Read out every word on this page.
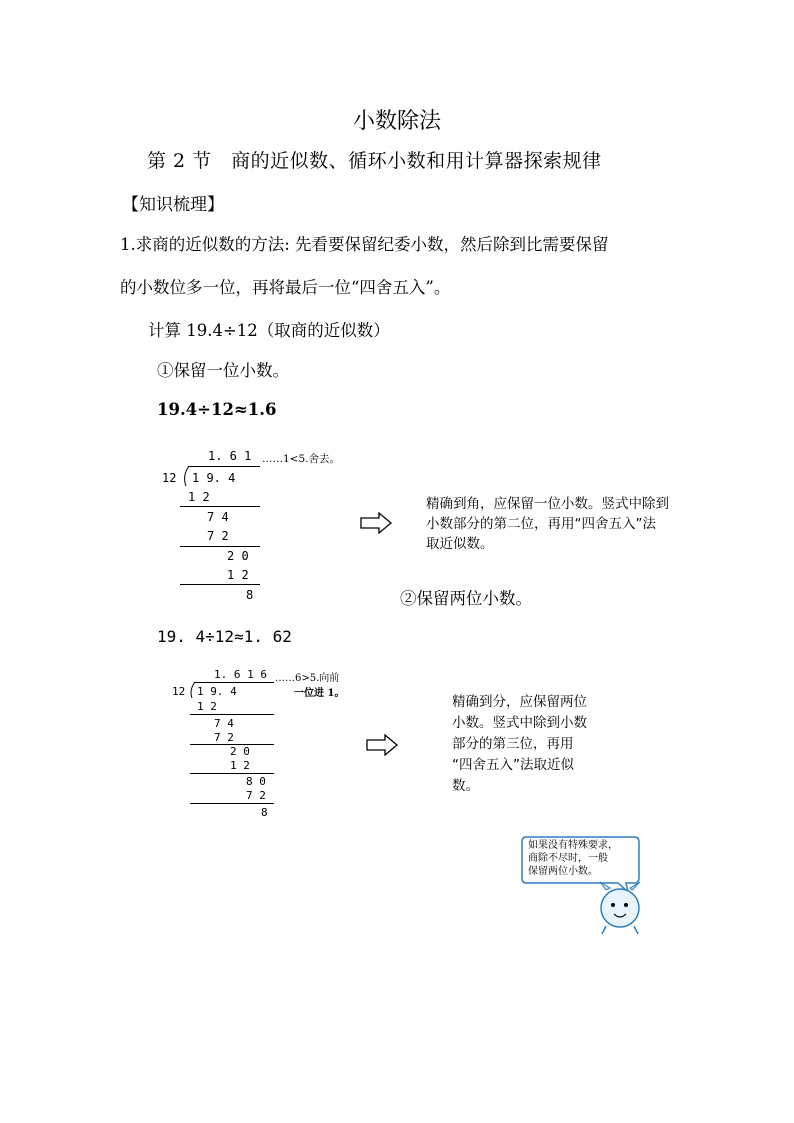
小数除法
第 2 节　商的近似数、循环小数和用计算器探索规律
【知识梳理】
1.求商的近似数的方法: 先看要保留纪委小数，然后除到比需要保留
的小数位多一位，再将最后一位“四舍五入”。
计算 19.4÷12（取商的近似数）
①保留一位小数。
19.4÷12≈1.6
1. 6 1 ……1<5.舍去。
12 1 9. 4
1 2
7 4
7 2
2 0
1 2
8
精确到角，应保留一位小数。竖式中除到
小数部分的第二位，再用“四舍五入”法
取近似数。
②保留两位小数。
19. 4÷12≈1. 62
1. 6 1 6 ……6>5.向前
一位进 1。
12 1 9. 4
1 2
7 4
7 2
2 0
1 2
8 0
7 2
8
精确到分，应保留两位
小数。竖式中除到小数
部分的第三位，再用
“四舍五入”法取近似
数。
如果没有特殊要求，
商除不尽时，一般
保留两位小数。
